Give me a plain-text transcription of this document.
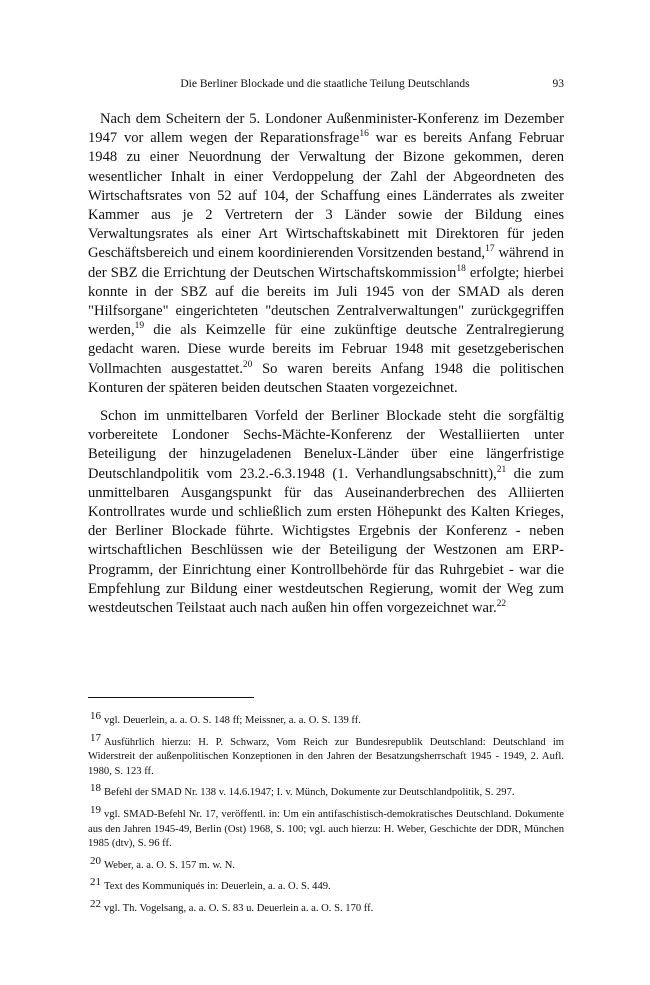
Die Berliner Blockade und die staatliche Teilung Deutschlands	93

Nach dem Scheitern der 5. Londoner Außenminister-Konferenz im Dezember 1947 vor allem wegen der Reparationsfrage$^{16}$ war es bereits Anfang Februar 1948 zu einer Neuordnung der Verwaltung der Bizone gekommen, deren wesentlicher Inhalt in einer Verdoppelung der Zahl der Abgeordneten des Wirtschaftsrates von 52 auf 104, der Schaffung eines Länderrates als zweiter Kammer aus je 2 Vertretern der 3 Länder sowie der Bildung eines Verwaltungsrates als einer Art Wirtschaftskabinett mit Direktoren für jeden Geschäftsbereich und einem koordinierenden Vorsitzenden bestand,$^{17}$ während in der SBZ die Errichtung der Deutschen Wirtschaftskommission$^{18}$ erfolgte; hierbei konnte in der SBZ auf die bereits im Juli 1945 von der SMAD als deren "Hilfsorgane" eingerichteten "deutschen Zentralverwaltungen" zurückgegriffen werden,$^{19}$ die als Keimzelle für eine zukünftige deutsche Zentralregierung gedacht waren. Diese wurde bereits im Februar 1948 mit gesetzgeberischen Vollmachten ausgestattet.$^{20}$ So waren bereits Anfang 1948 die politischen Konturen der späteren beiden deutschen Staaten vorgezeichnet.

Schon im unmittelbaren Vorfeld der Berliner Blockade steht die sorgfältig vorbereitete Londoner Sechs-Mächte-Konferenz der Westalliierten unter Beteiligung der hinzugeladenen Benelux-Länder über eine längerfristige Deutschlandpolitik vom 23.2.-6.3.1948 (1. Verhandlungsabschnitt),$^{21}$ die zum unmittelbaren Ausgangspunkt für das Auseinanderbrechen des Alliierten Kontrollrates wurde und schließlich zum ersten Höhepunkt des Kalten Krieges, der Berliner Blockade führte. Wichtigstes Ergebnis der Konferenz - neben wirtschaftlichen Beschlüssen wie der Beteiligung der Westzonen am ERP-Programm, der Einrichtung einer Kontrollbehörde für das Ruhrgebiet - war die Empfehlung zur Bildung einer westdeutschen Regierung, womit der Weg zum westdeutschen Teilstaat auch nach außen hin offen vorgezeichnet war.$^{22}$

16 vgl. Deuerlein, a. a. O. S. 148 ff; Meissner, a. a. O. S. 139 ff.
17 Ausführlich hierzu: H. P. Schwarz, Vom Reich zur Bundesrepublik Deutschland: Deutschland im Widerstreit der außenpolitischen Konzeptionen in den Jahren der Besatzungsherrschaft 1945 - 1949, 2. Aufl. 1980, S. 123 ff.
18 Befehl der SMAD Nr. 138 v. 14.6.1947; I. v. Münch, Dokumente zur Deutschlandpolitik, S. 297.
19 vgl. SMAD-Befehl Nr. 17, veröffentl. in: Um ein antifaschistisch-demokratisches Deutschland. Dokumente aus den Jahren 1945-49, Berlin (Ost) 1968, S. 100; vgl. auch hierzu: H. Weber, Geschichte der DDR, München 1985 (dtv), S. 96 ff.
20 Weber, a. a. O. S. 157 m. w. N.
21 Text des Kommuniqués in: Deuerlein, a. a. O. S. 449.
22 vgl. Th. Vogelsang, a. a. O. S. 83 u. Deuerlein a. a. O. S. 170 ff.
